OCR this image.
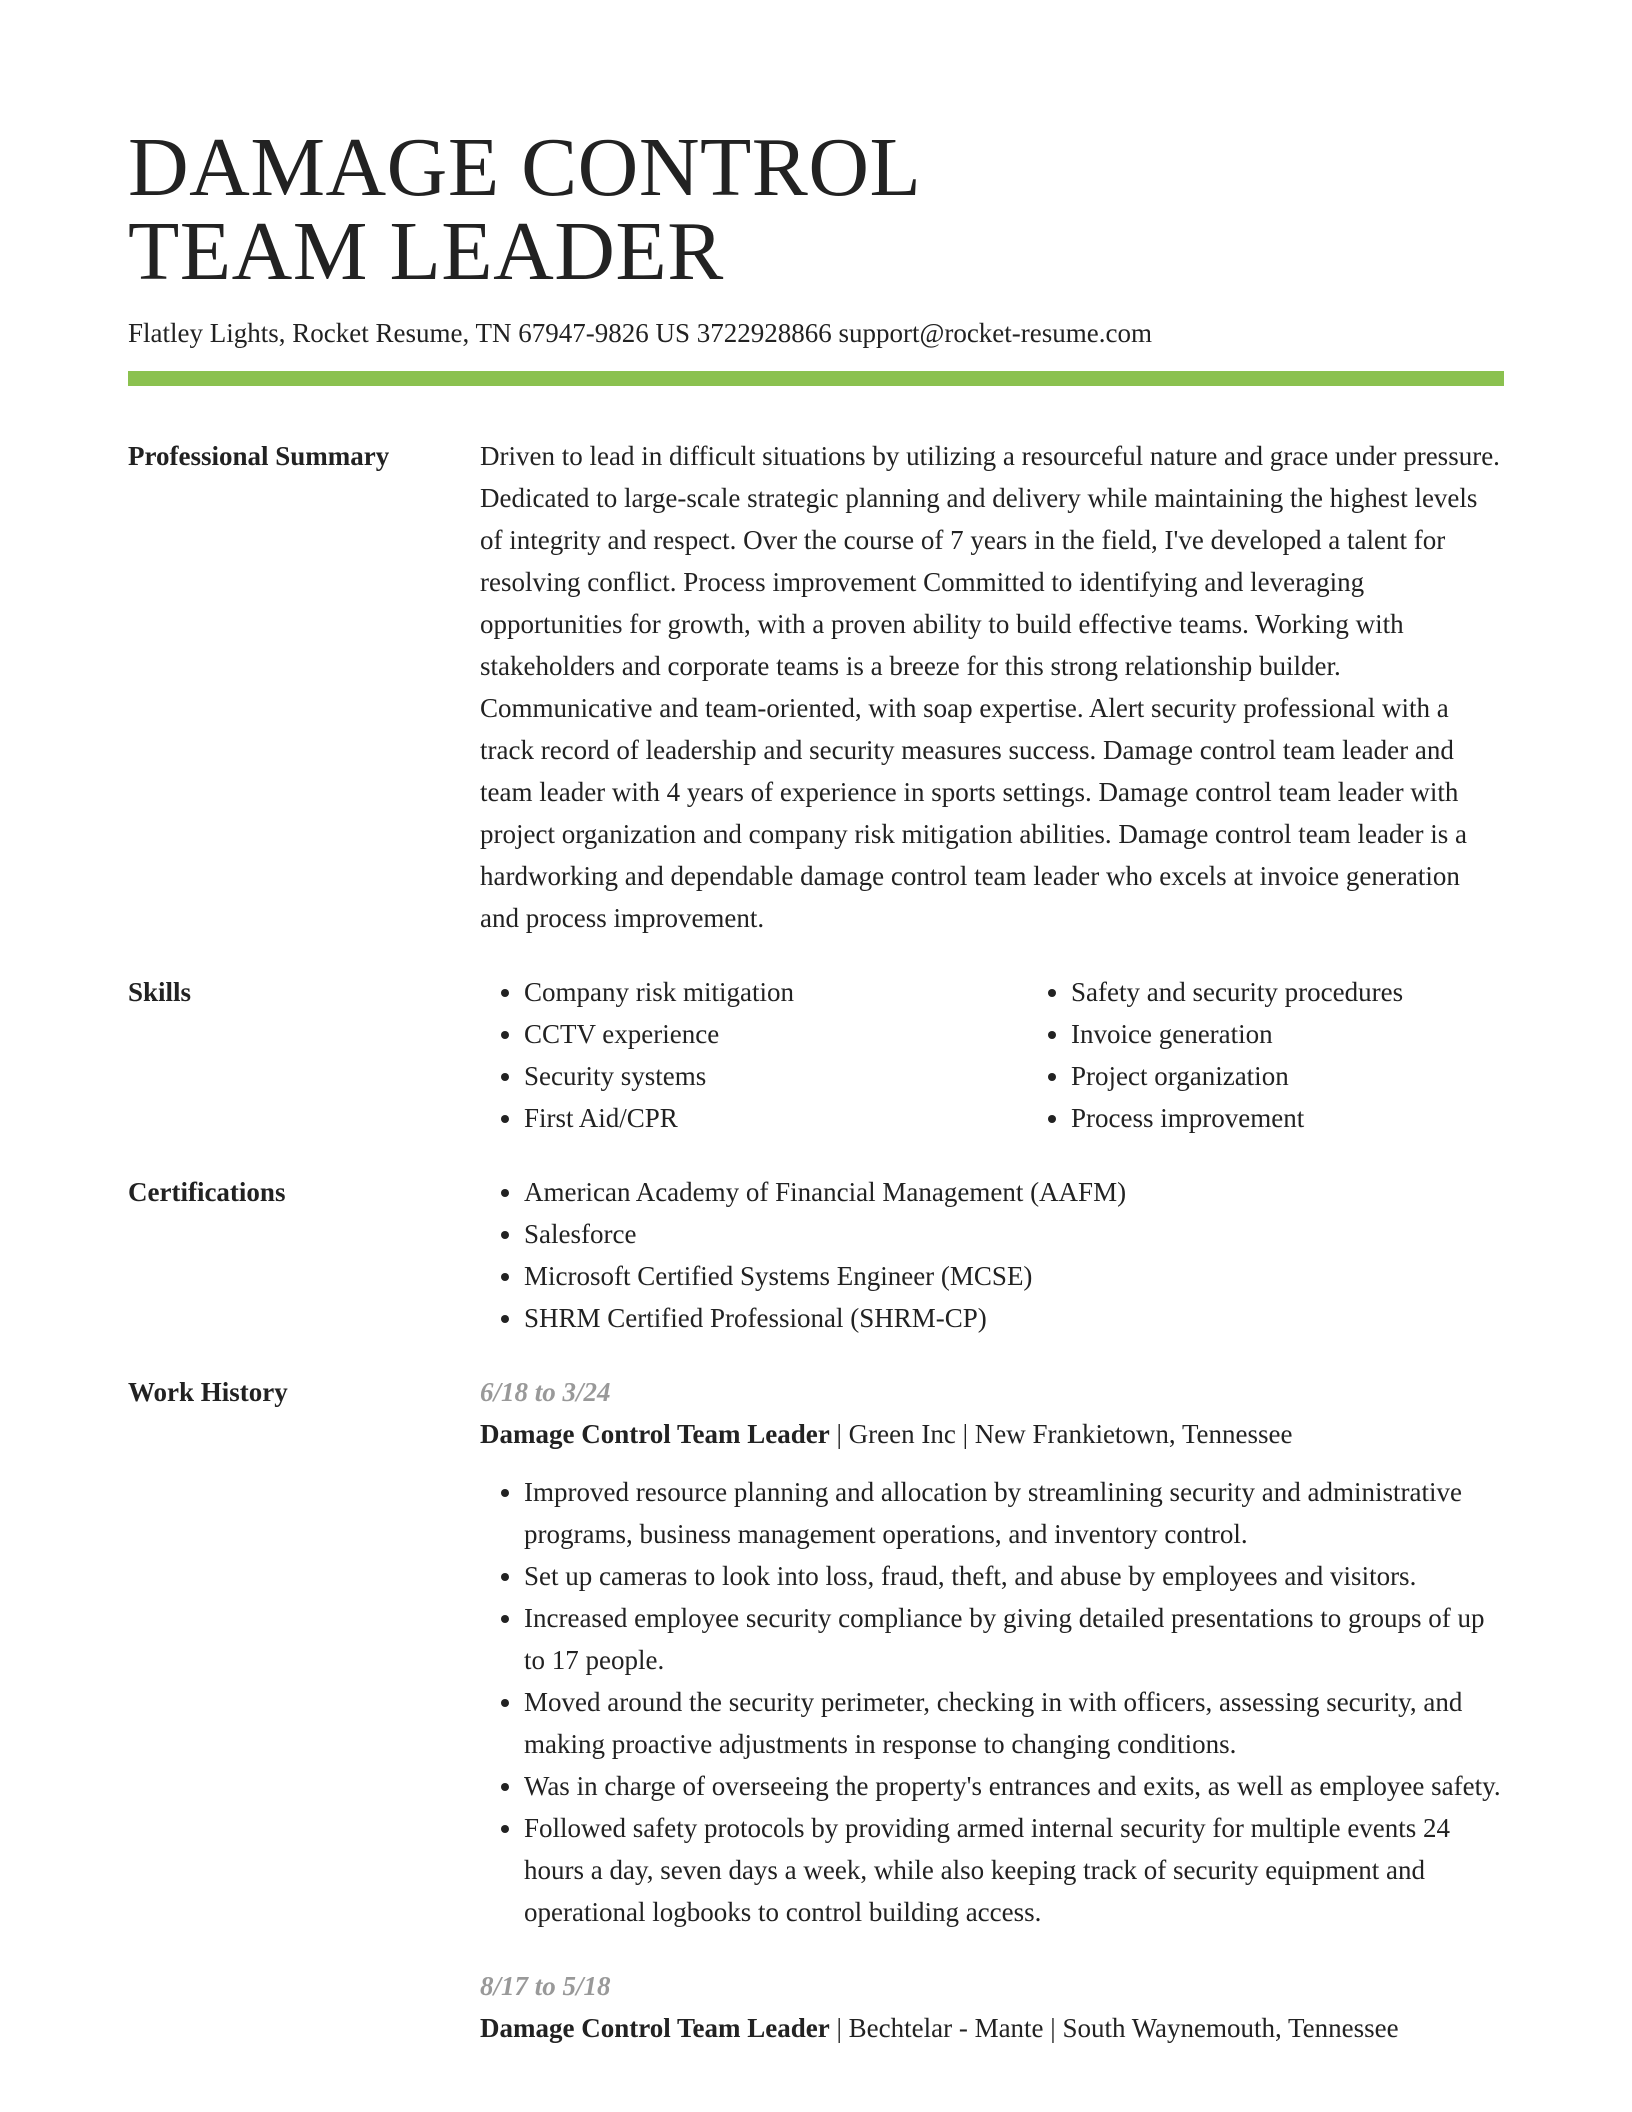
DAMAGE CONTROL
TEAM LEADER
Flatley Lights, Rocket Resume, TN 67947-9826 US 3722928866 support@rocket-resume.com
Professional Summary	Driven to lead in difficult situations by utilizing a resourceful nature and grace under pressure. Dedicated to large-scale strategic planning and delivery while maintaining the highest levels of integrity and respect. Over the course of 7 years in the field, I've developed a talent for resolving conflict. Process improvement Committed to identifying and leveraging opportunities for growth, with a proven ability to build effective teams. Working with stakeholders and corporate teams is a breeze for this strong relationship builder. Communicative and team-oriented, with soap expertise. Alert security professional with a track record of leadership and security measures success. Damage control team leader and team leader with 4 years of experience in sports settings. Damage control team leader with project organization and company risk mitigation abilities. Damage control team leader is a hardworking and dependable damage control team leader who excels at invoice generation and process improvement.
Skills	• Company risk mitigation
• CCTV experience
• Security systems
• First Aid/CPR
• Safety and security procedures
• Invoice generation
• Project organization
• Process improvement
Certifications	• American Academy of Financial Management (AAFM)
• Salesforce
• Microsoft Certified Systems Engineer (MCSE)
• SHRM Certified Professional (SHRM-CP)
Work History	6/18 to 3/24
Damage Control Team Leader | Green Inc | New Frankietown, Tennessee
• Improved resource planning and allocation by streamlining security and administrative programs, business management operations, and inventory control.
• Set up cameras to look into loss, fraud, theft, and abuse by employees and visitors.
• Increased employee security compliance by giving detailed presentations to groups of up to 17 people.
• Moved around the security perimeter, checking in with officers, assessing security, and making proactive adjustments in response to changing conditions.
• Was in charge of overseeing the property's entrances and exits, as well as employee safety.
• Followed safety protocols by providing armed internal security for multiple events 24 hours a day, seven days a week, while also keeping track of security equipment and operational logbooks to control building access.
8/17 to 5/18
Damage Control Team Leader | Bechtelar - Mante | South Waynemouth, Tennessee
